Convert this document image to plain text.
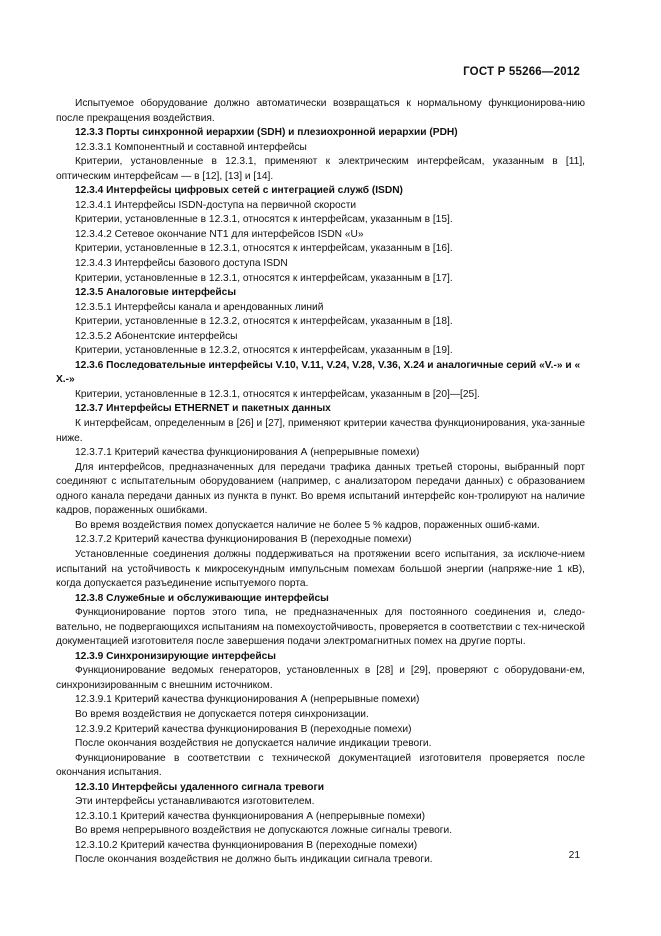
ГОСТ Р 55266—2012
Испытуемое оборудование должно автоматически возвращаться к нормальному функционирова-нию после прекращения воздействия.
12.3.3 Порты синхронной иерархии (SDH) и плезиохронной иерархии (PDH)
12.3.3.1 Компонентный и составной интерфейсы
Критерии, установленные в 12.3.1, применяют к электрическим интерфейсам, указанным в [11], оптическим интерфейсам — в [12], [13] и [14].
12.3.4 Интерфейсы цифровых сетей с интеграцией служб (ISDN)
12.3.4.1 Интерфейсы ISDN-доступа на первичной скорости
Критерии, установленные в 12.3.1, относятся к интерфейсам, указанным в [15].
12.3.4.2 Сетевое окончание NT1 для интерфейсов ISDN «U»
Критерии, установленные в 12.3.1, относятся к интерфейсам, указанным в [16].
12.3.4.3 Интерфейсы базового доступа ISDN
Критерии, установленные в 12.3.1, относятся к интерфейсам, указанным в [17].
12.3.5 Аналоговые интерфейсы
12.3.5.1 Интерфейсы канала и арендованных линий
Критерии, установленные в 12.3.2, относятся к интерфейсам, указанным в [18].
12.3.5.2 Абонентские интерфейсы
Критерии, установленные в 12.3.2, относятся к интерфейсам, указанным в [19].
12.3.6 Последовательные интерфейсы V.10, V.11, V.24, V.28, V.36, X.24 и аналогичные серий «V.-» и « X.-»
Критерии, установленные в 12.3.1, относятся к интерфейсам, указанным в [20]—[25].
12.3.7 Интерфейсы ETHERNET и пакетных данных
К интерфейсам, определенным в [26] и [27], применяют критерии качества функционирования, ука-занные ниже.
12.3.7.1 Критерий качества функционирования А (непрерывные помехи)
Для интерфейсов, предназначенных для передачи трафика данных третьей стороны, выбранный порт соединяют с испытательным оборудованием (например, с анализатором передачи данных) с образованием одного канала передачи данных из пункта в пункт. Во время испытаний интерфейс кон-тролируют на наличие кадров, пораженных ошибками.
Во время воздействия помех допускается наличие не более 5 % кадров, пораженных ошиб-ками.
12.3.7.2 Критерий качества функционирования В (переходные помехи)
Установленные соединения должны поддерживаться на протяжении всего испытания, за исключе-нием испытаний на устойчивость к микросекундным импульсным помехам большой энергии (напряже-ние 1 кВ), когда допускается разъединение испытуемого порта.
12.3.8 Служебные и обслуживающие интерфейсы
Функционирование портов этого типа, не предназначенных для постоянного соединения и, следо-вательно, не подвергающихся испытаниям на помехоустойчивость, проверяется в соответствии с тех-нической документацией изготовителя после завершения подачи электромагнитных помех на другие порты.
12.3.9 Синхронизирующие интерфейсы
Функционирование ведомых генераторов, установленных в [28] и [29], проверяют с оборудовани-ем, синхронизированным с внешним источником.
12.3.9.1 Критерий качества функционирования А (непрерывные помехи)
Во время воздействия не допускается потеря синхронизации.
12.3.9.2 Критерий качества функционирования В (переходные помехи)
После окончания воздействия не допускается наличие индикации тревоги.
Функционирование в соответствии с технической документацией изготовителя проверяется после окончания испытания.
12.3.10 Интерфейсы удаленного сигнала тревоги
Эти интерфейсы устанавливаются изготовителем.
12.3.10.1 Критерий качества функционирования А (непрерывные помехи)
Во время непрерывного воздействия не допускаются ложные сигналы тревоги.
12.3.10.2 Критерий качества функционирования В (переходные помехи)
После окончания воздействия не должно быть индикации сигнала тревоги.	21
